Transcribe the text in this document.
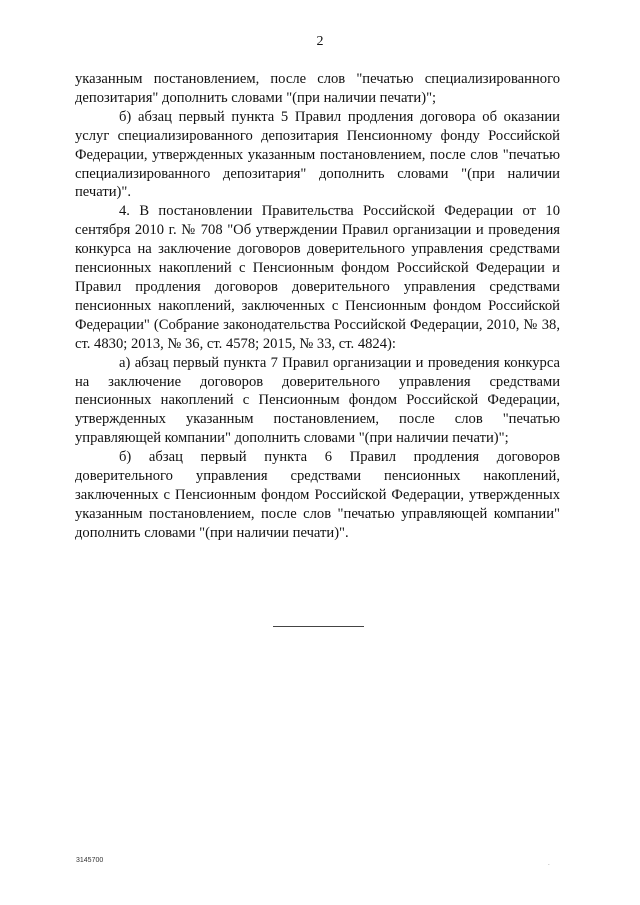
2

указанным постановлением, после слов "печатью специализированного депозитария" дополнить словами "(при наличии печати)";

б) абзац первый пункта 5 Правил продления договора об оказании услуг специализированного депозитария Пенсионному фонду Российской Федерации, утвержденных указанным постановлением, после слов "печатью специализированного депозитария" дополнить словами "(при наличии печати)".

4. В постановлении Правительства Российской Федерации от 10 сентября 2010 г. № 708 "Об утверждении Правил организации и проведения конкурса на заключение договоров доверительного управления средствами пенсионных накоплений с Пенсионным фондом Российской Федерации и Правил продления договоров доверительного управления средствами пенсионных накоплений, заключенных с Пенсионным фондом Российской Федерации" (Собрание законодательства Российской Федерации, 2010, № 38, ст. 4830; 2013, № 36, ст. 4578; 2015, № 33, ст. 4824):

а) абзац первый пункта 7 Правил организации и проведения конкурса на заключение договоров доверительного управления средствами пенсионных накоплений с Пенсионным фондом Российской Федерации, утвержденных указанным постановлением, после слов "печатью управляющей компании" дополнить словами "(при наличии печати)";

б) абзац первый пункта 6 Правил продления договоров доверительного управления средствами пенсионных накоплений, заключенных с Пенсионным фондом Российской Федерации, утвержденных указанным постановлением, после слов "печатью управляющей компании" дополнить словами "(при наличии печати)".

3145700	.
